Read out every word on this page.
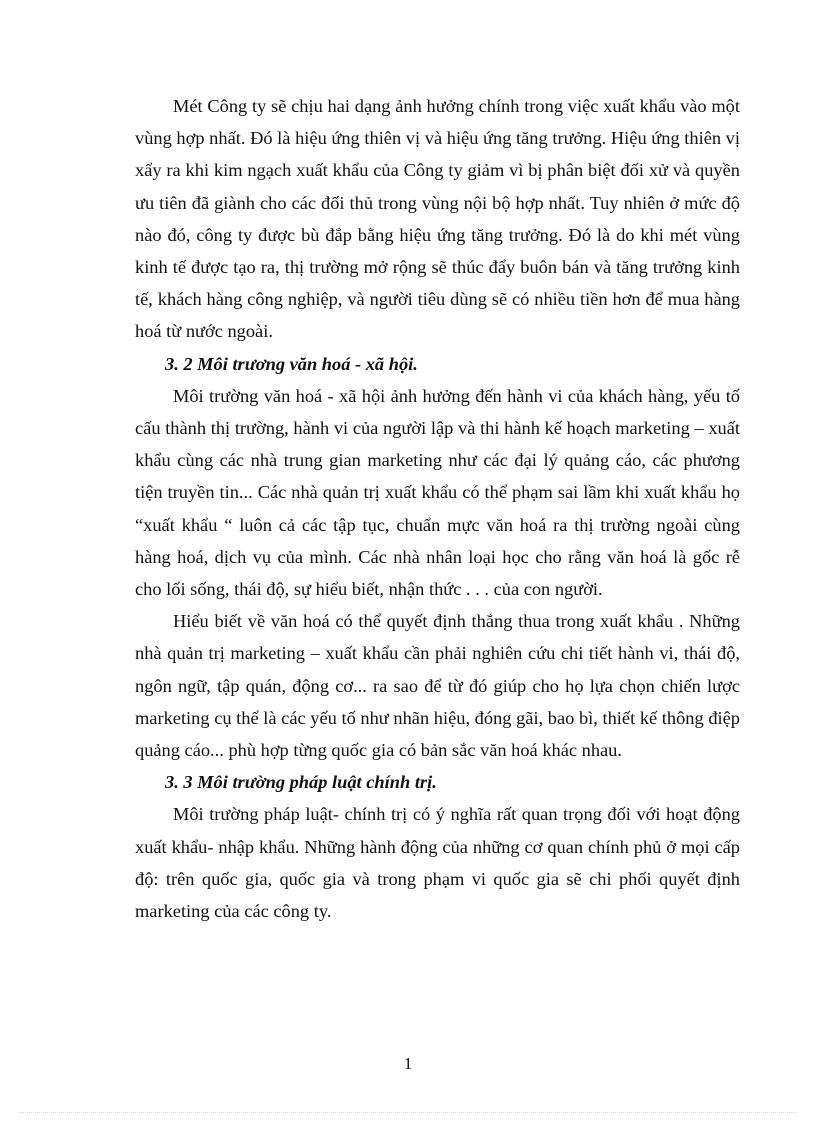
Mét Công ty sẽ chịu hai dạng ảnh hưởng chính trong việc xuất khẩu vào một vùng hợp nhất. Đó là hiệu ứng thiên vị và hiệu ứng tăng trưởng. Hiệu ứng thiên vị xẩy ra khi kim ngạch xuất khẩu của Công ty giảm vì bị phân biệt đối xử và quyền ưu tiên đã giành cho các đối thủ trong vùng nội bộ hợp nhất. Tuy nhiên ở mức độ nào đó, công ty được bù đắp bằng hiệu ứng tăng trưởng. Đó là do khi mét vùng kinh tế được tạo ra, thị trường mở rộng sẽ thúc đẩy buôn bán và tăng trưởng kinh tế, khách hàng công nghiệp, và người tiêu dùng sẽ có nhiều tiền hơn để mua hàng hoá từ nước ngoài.

3. 2 Môi trương văn hoá - xã hội.

Môi trường văn hoá - xã hội ảnh hưởng đến hành vi của khách hàng, yếu tố cấu thành thị trường, hành vi của người lập và thi hành kế hoạch marketing – xuất khẩu cùng các nhà trung gian marketing như các đại lý quảng cáo, các phương tiện truyền tin... Các nhà quản trị xuất khẩu có thể phạm sai lầm khi xuất khẩu họ “xuất khẩu “ luôn cả các tập tục, chuẩn mực văn hoá ra thị trường ngoài cùng hàng hoá, dịch vụ của mình. Các nhà nhân loại học cho rằng văn hoá là gốc rễ cho lối sống, thái độ, sự hiểu biết, nhận thức . . . của con người.

Hiểu biết về văn hoá có thể quyết định thắng thua trong xuất khẩu . Những nhà quản trị marketing – xuất khẩu cần phải nghiên cứu chi tiết hành vi, thái độ, ngôn ngữ, tập quán, động cơ... ra sao để từ đó giúp cho họ lựa chọn chiến lược marketing cụ thể là các yếu tố như nhãn hiệu, đóng gãi, bao bì, thiết kế thông điệp quảng cáo... phù hợp từng quốc gia có bản sắc văn hoá khác nhau.

3. 3 Môi trường pháp luật chính trị.

Môi trường pháp luật- chính trị có ý nghĩa rất quan trọng đối với hoạt động xuất khẩu- nhập khẩu. Những hành động của những cơ quan chính phủ ở mọi cấp độ: trên quốc gia, quốc gia và trong phạm vi quốc gia sẽ chi phối quyết định marketing của các công ty.

1
